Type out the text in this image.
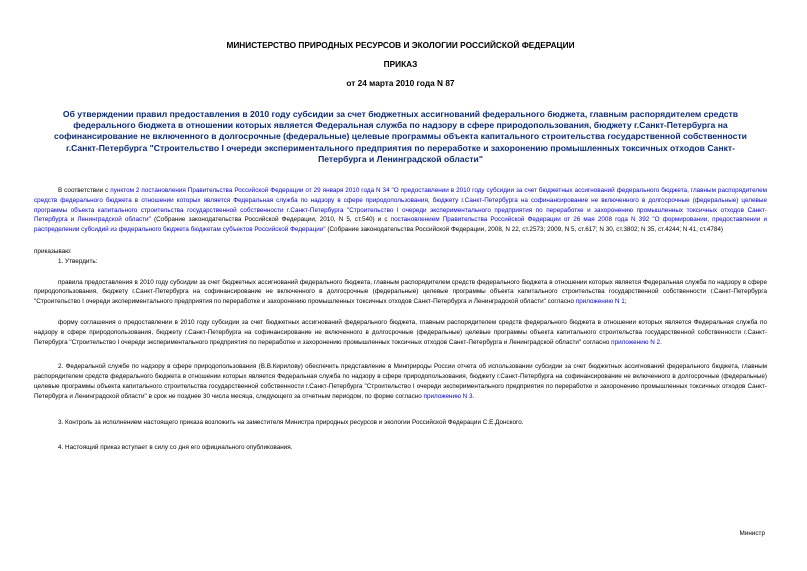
МИНИСТЕРСТВО ПРИРОДНЫХ РЕСУРСОВ И ЭКОЛОГИИ РОССИЙСКОЙ ФЕДЕРАЦИИ
ПРИКАЗ
от 24 марта 2010 года N 87
Об утверждении правил предоставления в 2010 году субсидии за счет бюджетных ассигнований федерального бюджета, главным распорядителем средств федерального бюджета в отношении которых является Федеральная служба по надзору в сфере природопользования, бюджету г.Санкт-Петербурга на софинансирование не включенного в долгосрочные (федеральные) целевые программы объекта капитального строительства государственной собственности г.Санкт-Петербурга "Строительство I очереди экспериментального предприятия по переработке и захоронению промышленных токсичных отходов Санкт-Петербурга и Ленинградской области"

В соответствии с пунктом 2 постановления Правительства Российской Федерации от 29 января 2010 года N 34 "О предоставлении в 2010 году субсидии за счет бюджетных ассигнований федерального бюджета, главным распорядителем средств федерального бюджета в отношении которых является Федеральная служба по надзору в сфере природопользования, бюджету г.Санкт-Петербурга на софинансирование не включенного в долгосрочные (федеральные) целевые программы объекта капитального строительства государственной собственности г.Санкт-Петербурга "Строительство I очереди экспериментального предприятия по переработке и захоронению промышленных токсичных отходов Санкт-Петербурга и Ленинградской области" (Собрание законодательства Российской Федерации, 2010, N 5, ст.540) и с постановлением Правительства Российской Федерации от 26 мая 2008 года N 392 "О формировании, предоставлении и распределении субсидий из федерального бюджета бюджетам субъектов Российской Федерации" (Собрание законодательства Российской Федерации, 2008, N 22, ст.2573; 2009, N 5, ст.617; N 30, ст.3802; N 35, ст.4244; N 41, ст.4784)

приказываю:

1. Утвердить:

правила предоставления в 2010 году субсидии за счет бюджетных ассигнований федерального бюджета, главным распорядителем средств федерального бюджета в отношении которых является Федеральная служба по надзору в сфере природопользования, бюджету г.Санкт-Петербурга на софинансирование не включенного в долгосрочные (федеральные) целевые программы объекта капитального строительства государственной собственности г.Санкт-Петербурга "Строительство I очереди экспериментального предприятия по переработке и захоронению промышленных токсичных отходов Санкт-Петербурга и Ленинградской области" согласно приложению N 1;

форму соглашения о предоставлении в 2010 году субсидии за счет бюджетных ассигнований федерального бюджета, главным распорядителем средств федерального бюджета в отношении которых является Федеральная служба по надзору в сфере природопользования, бюджету г.Санкт-Петербурга на софинансирование не включенного в долгосрочные (федеральные) целевые программы объекта капитального строительства государственной собственности г.Санкт-Петербурга "Строительство I очереди экспериментального предприятия по переработке и захоронению промышленных токсичных отходов Санкт-Петербурга и Ленинградской области" согласно приложению N 2.

2. Федеральной службе по надзору в сфере природопользования (В.В.Кирилову) обеспечить представление в Минприроды России отчета об использовании субсидии за счет бюджетных ассигнований федерального бюджета, главным распорядителем средств федерального бюджета в отношении которых является Федеральная служба по надзору в сфере природопользования, бюджету г.Санкт-Петербурга на софинансирование не включенного в долгосрочные (федеральные) целевые программы объекта капитального строительства государственной собственности г.Санкт-Петербурга "Строительство I очереди экспериментального предприятия по переработке и захоронению промышленных токсичных отходов Санкт-Петербурга и Ленинградской области" в срок не позднее 30 числа месяца, следующего за отчетным периодом, по форме согласно приложению N 3.

3. Контроль за исполнением настоящего приказа возложить на заместителя Министра природных ресурсов и экологии Российской Федерации С.Е.Донского.

4. Настоящий приказ вступает в силу со дня его официального опубликования.

Министр
